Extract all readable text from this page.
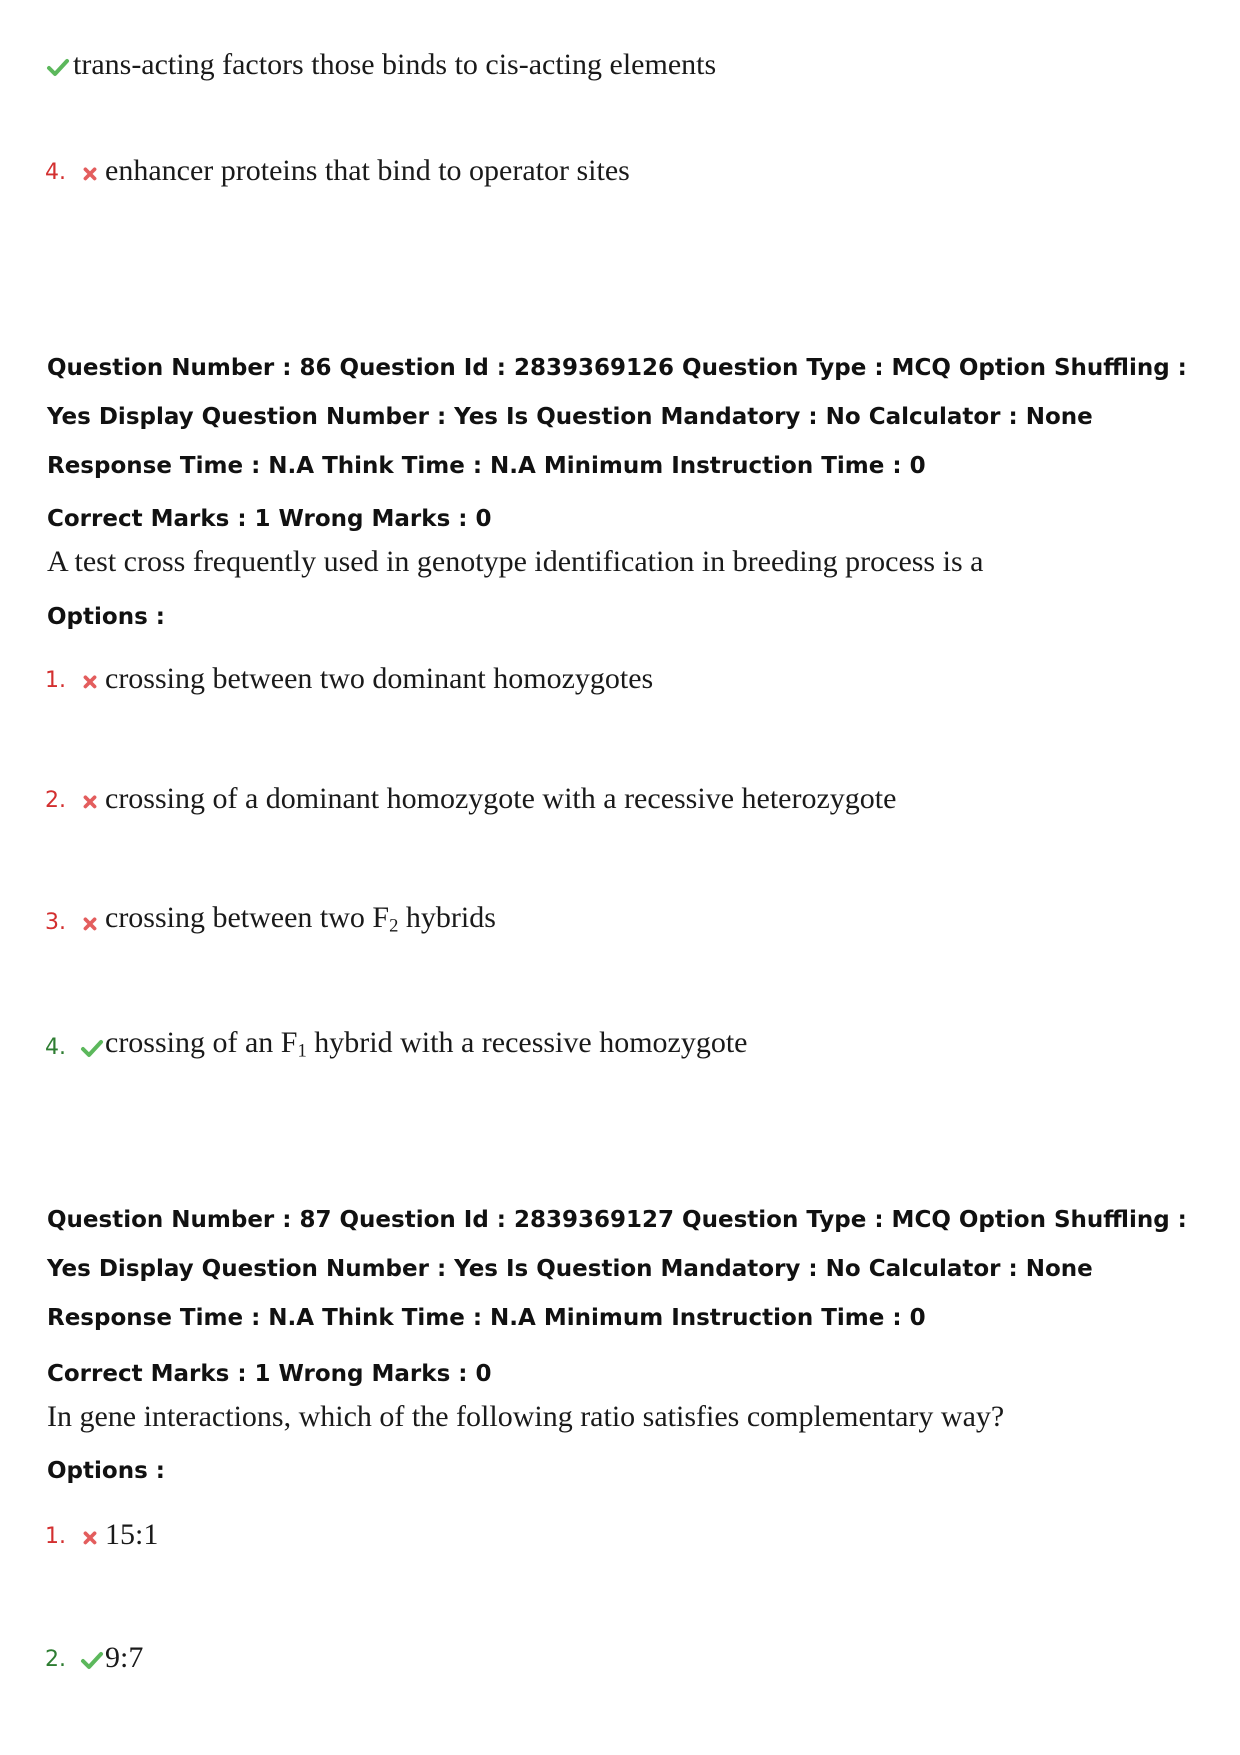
trans-acting factors those binds to cis-acting elements
4.	enhancer proteins that bind to operator sites
Question Number : 86 Question Id : 2839369126 Question Type : MCQ Option Shuffling : Yes Display Question Number : Yes Is Question Mandatory : No Calculator : None Response Time : N.A Think Time : N.A Minimum Instruction Time : 0
Correct Marks : 1 Wrong Marks : 0
A test cross frequently used in genotype identification in breeding process is a
Options :
1.	crossing between two dominant homozygotes
2.	crossing of a dominant homozygote with a recessive heterozygote
3.	crossing between two $F_2$ hybrids
4.	crossing of an $F_1$ hybrid with a recessive homozygote
Question Number : 87 Question Id : 2839369127 Question Type : MCQ Option Shuffling : Yes Display Question Number : Yes Is Question Mandatory : No Calculator : None Response Time : N.A Think Time : N.A Minimum Instruction Time : 0
Correct Marks : 1 Wrong Marks : 0
In gene interactions, which of the following ratio satisfies complementary way?
Options :
1.	15:1
2.	9:7
